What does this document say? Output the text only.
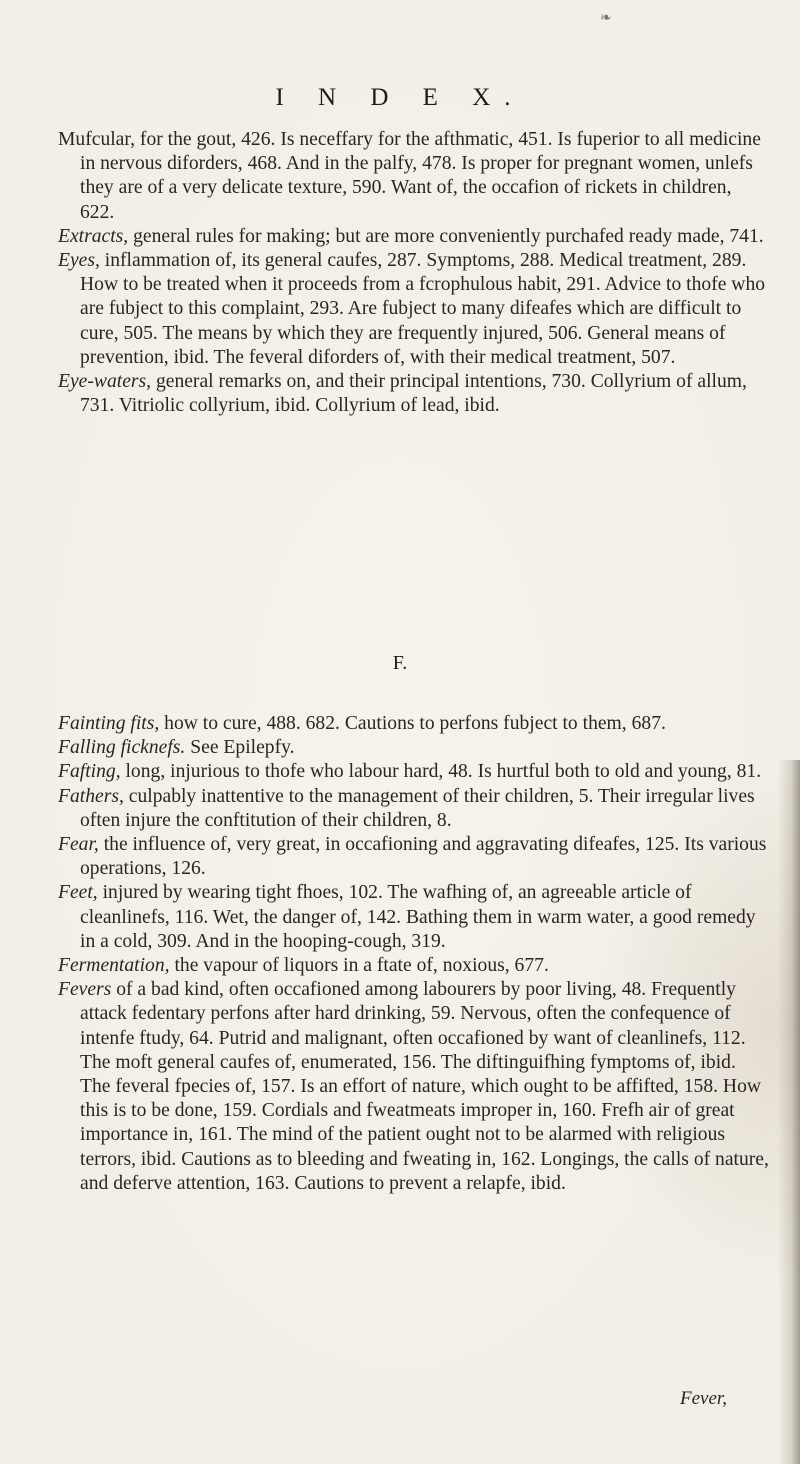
❧
I N D E X.

Mufcular, for the gout, 426. Is neceffary for the afthmatic, 451. Is fuperior to all medicine in nervous diforders, 468. And in the palfy, 478. Is proper for pregnant women, unlefs they are of a very delicate texture, 590. Want of, the occafion of rickets in children, 622.

Extracts, general rules for making; but are more conveniently purchafed ready made, 741.

Eyes, inflammation of, its general caufes, 287. Symptoms, 288. Medical treatment, 289. How to be treated when it proceeds from a fcrophulous habit, 291. Advice to thofe who are fubject to this complaint, 293. Are fubject to many difeafes which are difficult to cure, 505. The means by which they are frequently injured, 506. General means of prevention, ibid. The feveral diforders of, with their medical treatment, 507.

Eye-waters, general remarks on, and their principal intentions, 730. Collyrium of allum, 731. Vitriolic collyrium, ibid. Collyrium of lead, ibid.

F.

Fainting fits, how to cure, 488. 682. Cautions to perfons fubject to them, 687.

Falling ficknefs. See Epilepfy.

Fafting, long, injurious to thofe who labour hard, 48. Is hurtful both to old and young, 81.

Fathers, culpably inattentive to the management of their children, 5. Their irregular lives often injure the conftitution of their children, 8.

Fear, the influence of, very great, in occafioning and aggravating difeafes, 125. Its various operations, 126.

Feet, injured by wearing tight fhoes, 102. The wafhing of, an agreeable article of cleanlinefs, 116. Wet, the danger of, 142. Bathing them in warm water, a good remedy in a cold, 309. And in the hooping-cough, 319.

Fermentation, the vapour of liquors in a ftate of, noxious, 677.

Fevers of a bad kind, often occafioned among labourers by poor living, 48. Frequently attack fedentary perfons after hard drinking, 59. Nervous, often the confequence of intenfe ftudy, 64. Putrid and malignant, often occafioned by want of cleanlinefs, 112. The moft general caufes of, enumerated, 156. The diftinguifhing fymptoms of, ibid. The feveral fpecies of, 157. Is an effort of nature, which ought to be affifted, 158. How this is to be done, 159. Cordials and fweatmeats improper in, 160. Frefh air of great importance in, 161. The mind of the patient ought not to be alarmed with religious terrors, ibid. Cautions as to bleeding and fweating in, 162. Longings, the calls of nature, and deferve attention, 163. Cautions to prevent a relapfe, ibid.

Fever,
